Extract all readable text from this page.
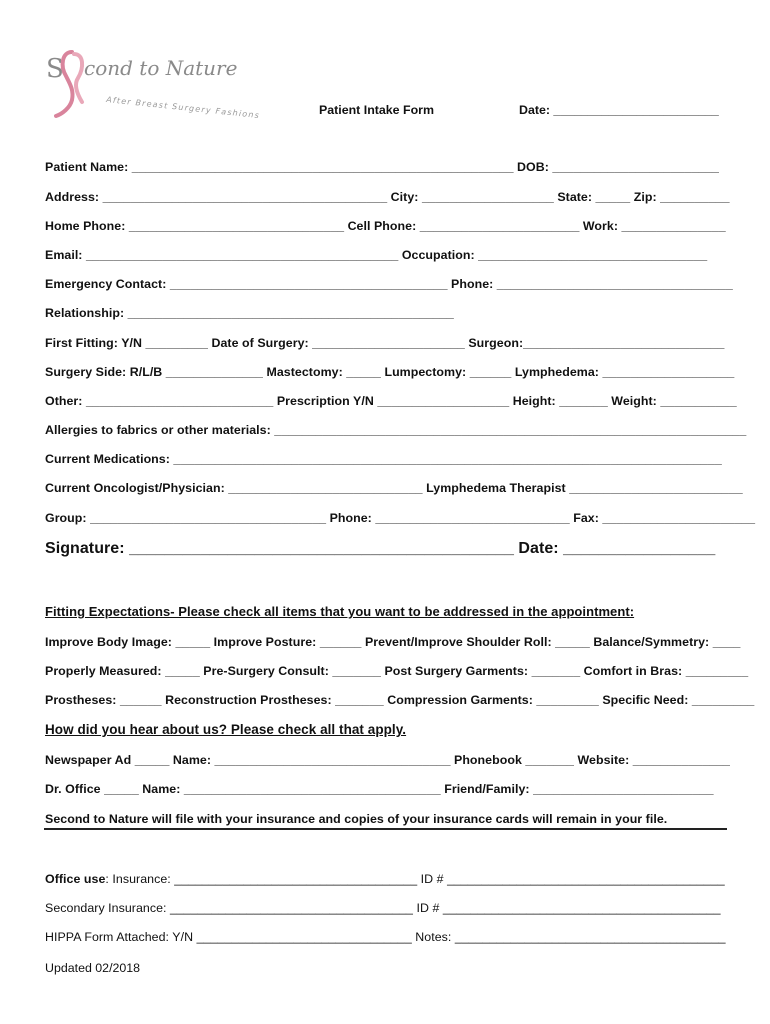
S cond to Nature
After Breast Surgery Fashions	Patient Intake Form	Date: ________________________
Patient Name: _______________________________________________________ DOB: ________________________
Address: _________________________________________ City: ___________________ State: _____ Zip: __________
Home Phone: _______________________________ Cell Phone: _______________________ Work: _______________
Email: _____________________________________________ Occupation: _________________________________
Emergency Contact: ________________________________________ Phone: __________________________________
Relationship: _______________________________________________
First Fitting: Y/N _________ Date of Surgery: ______________________ Surgeon:_____________________________
Surgery Side: R/L/B ______________ Mastectomy: _____ Lumpectomy: ______ Lymphedema: ___________________
Other: ___________________________ Prescription Y/N ___________________ Height: _______ Weight: ___________
Allergies to fabrics or other materials: ____________________________________________________________________
Current Medications: _______________________________________________________________________________
Current Oncologist/Physician: ____________________________ Lymphedema Therapist _________________________
Group: __________________________________ Phone: ____________________________ Fax: ______________________
Signature: ___________________________________________ Date: _________________
Fitting Expectations- Please check all items that you want to be addressed in the appointment:
Improve Body Image: _____ Improve Posture: ______ Prevent/Improve Shoulder Roll: _____ Balance/Symmetry: ____
Properly Measured: _____ Pre-Surgery Consult: _______ Post Surgery Garments: _______ Comfort in Bras: _________
Prostheses: ______ Reconstruction Prostheses: _______ Compression Garments: _________ Specific Need: _________
How did you hear about us? Please check all that apply.
Newspaper Ad _____ Name: __________________________________ Phonebook _______ Website: ______________
Dr. Office _____ Name: _____________________________________ Friend/Family: __________________________
Second to Nature will file with your insurance and copies of your insurance cards will remain in your file.
Office use: Insurance: ___________________________________ ID # ________________________________________
Secondary Insurance: ___________________________________ ID # ________________________________________
HIPPA Form Attached: Y/N _______________________________ Notes: _______________________________________
Updated 02/2018
